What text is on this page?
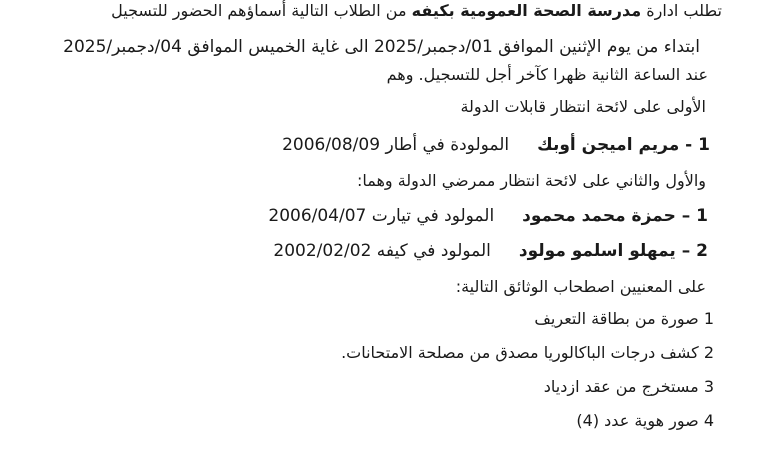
تطلب ادارة مدرسة الصحة العمومية بكيفه من الطلاب التالية أسماؤهم الحضور للتسجيل
ابتداء من يوم الإثنين الموافق 01/دجمبر/2025 الى غاية الخميس الموافق 04/دجمبر/2025
عند الساعة الثانية ظهرا كآخر أجل للتسجيل. وهم
الأولى على لائحة انتظار قابلات الدولة
1 - مريم اميجن أوبكالمولودة في أطار 2006/08/09
والأول والثاني على لائحة انتظار ممرضي الدولة وهما:
1 – حمزة محمد محمودالمولود في تيارت 2006/04/07
2 – يمهلو اسلمو مولودالمولود في كيفه 2002/02/02
على المعنيين اصطحاب الوثائق التالية:
1 صورة من بطاقة التعريف
2 كشف درجات الباكالوريا مصدق من مصلحة الامتحانات.
3 مستخرج من عقد ازدياد
4 صور هوية عدد (4)
